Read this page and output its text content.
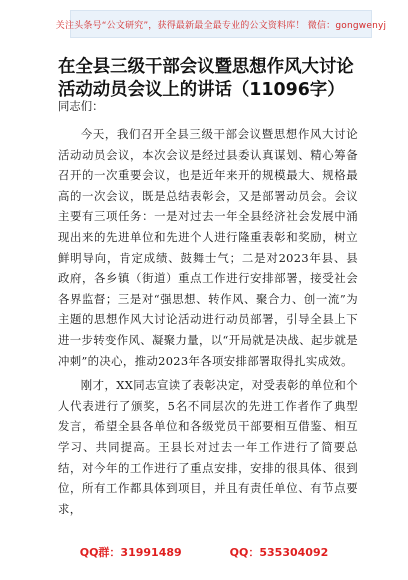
关注头条号“公文研究”，获得最新最全最专业的公文资料库！ 微信：gongwenyj
在全县三级干部会议暨思想作风大讨论活动动员会议上的讲话（11096字）
同志们：

今天，我们召开全县三级干部会议暨思想作风大讨论活动动员会议，本次会议是经过县委认真谋划、精心筹备召开的一次重要会议，也是近年来开的规模最大、规格最高的一次会议，既是总结表彰会，又是部署动员会。会议主要有三项任务：一是对过去一年全县经济社会发展中涌现出来的先进单位和先进个人进行隆重表彰和奖励，树立鲜明导向，肯定成绩、鼓舞士气；二是对2023年县、县政府，各乡镇（街道）重点工作进行安排部署，接受社会各界监督；三是对“强思想、转作风、聚合力、创一流”为主题的思想作风大讨论活动进行动员部署，引导全县上下进一步转变作风、凝聚力量，以“开局就是决战、起步就是冲刺”的决心，推动2023年各项安排部署取得扎实成效。

刚才，XX同志宣读了表彰决定，对受表彰的单位和个人代表进行了颁奖，5名不同层次的先进工作者作了典型发言，希望全县各单位和各级党员干部要相互借鉴、相互学习、共同提高。王县长对过去一年工作进行了简要总结，对今年的工作进行了重点安排，安排的很具体、很到位，所有工作都具体到项目，并且有责任单位、有节点要求，

QQ群：31991489	QQ：535304092
